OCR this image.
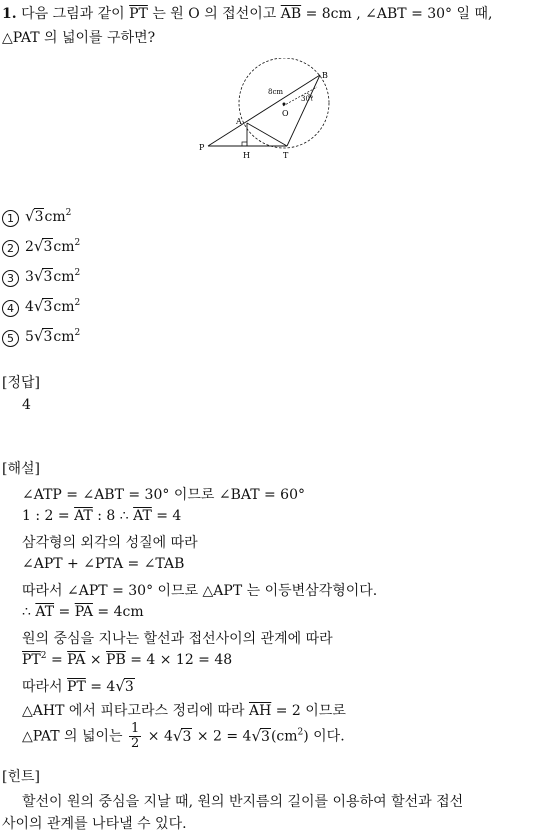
1. 다음 그림과 같이 $\overline{PT}$ 는 원 O 의 접선이고 $\overline{AB} = 8cm$ , ∠ABT = 30° 일 때,
△PAT 의 넓이를 구하면?
B
A
O
P
H	T
8cm
30°
1 $√3cm^2$
2 $2√3cm^2$
3 $3√3cm^2$
4 $4√3cm^2$
5 $5√3cm^2$
[정답]
4
[해설]
∠ATP = ∠ABT = 30° 이므로 ∠BAT = 60°
1 : $2 = \overline{AT}$ : 8 ∴ $\overline{AT} = 4$
삼각형의 외각의 성질에 따라
∠APT + ∠PTA = ∠TAB
따라서 ∠APT = 30° 이므로 △APT 는 이등변삼각형이다.
∴ $\overline{AT} = \overline{PA} = 4cm$
원의 중심을 지나는 할선과 접선사이의 관계에 따라
$\overline{PT}^2 = \overline{PA} \times \overline{PB} = 4 \times 12 = 48$
따라서 $\overline{PT} = 4√3$
△AHT 에서 피타고라스 정리에 따라 $\overline{AH} = 2$ 이므로
△PAT 의 넓이는 $\frac{1}{2} \times 4√3 \times 2 = 4√3(cm^2)$ 이다.
[힌트]
할선이 원의 중심을 지날 때, 원의 반지름의 길이를 이용하여 할선과 접선
사이의 관계를 나타낼 수 있다.
